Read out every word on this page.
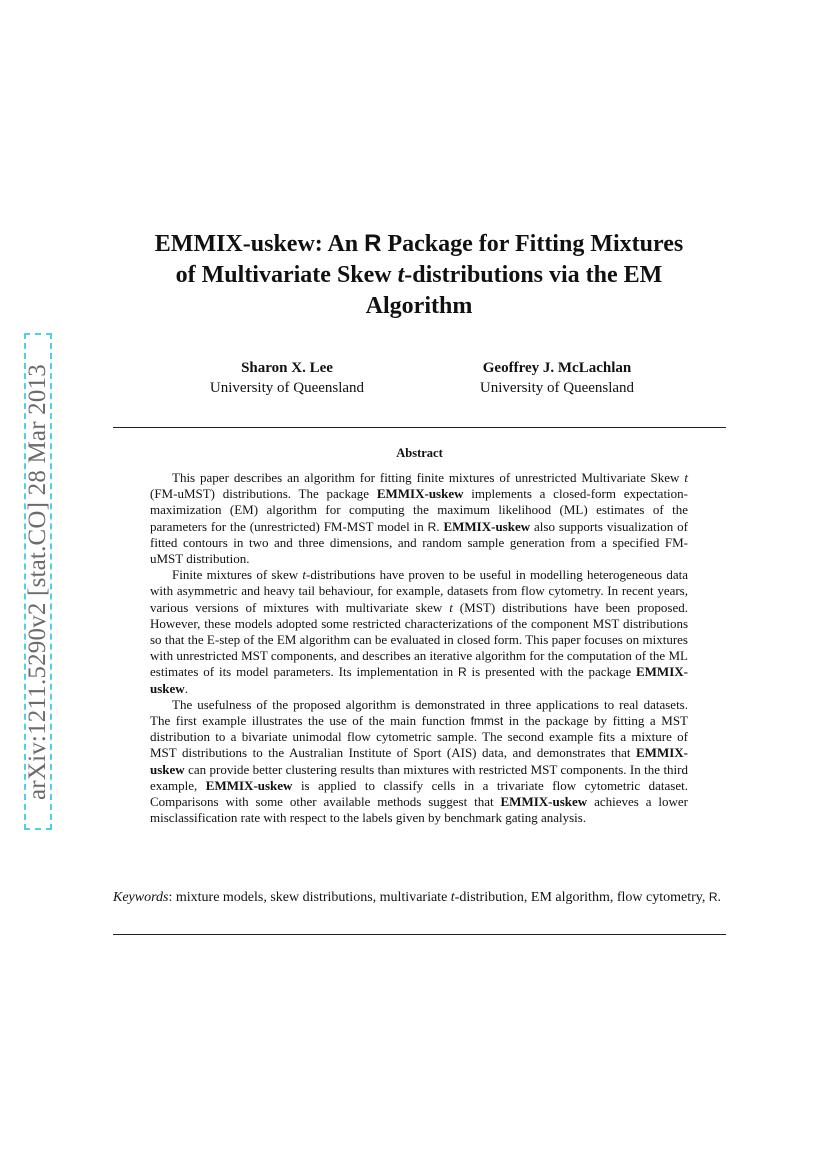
arXiv:1211.5290v2 [stat.CO] 28 Mar 2013
EMMIX-uskew: An R Package for Fitting Mixtures
of Multivariate Skew t-distributions via the EM
Algorithm
Sharon X. Lee
University of Queensland
Geoffrey J. McLachlan
University of Queensland
Abstract

This paper describes an algorithm for fitting finite mixtures of unrestricted Multivariate Skew t (FM-uMST) distributions. The package EMMIX-uskew implements a closed-form expectation-maximization (EM) algorithm for computing the maximum likelihood (ML) estimates of the parameters for the (unrestricted) FM-MST model in R. EMMIX-uskew also supports visualization of fitted contours in two and three dimensions, and random sample generation from a specified FM-uMST distribution.

Finite mixtures of skew t-distributions have proven to be useful in modelling heterogeneous data with asymmetric and heavy tail behaviour, for example, datasets from flow cytometry. In recent years, various versions of mixtures with multivariate skew t (MST) distributions have been proposed. However, these models adopted some restricted characterizations of the component MST distributions so that the E-step of the EM algorithm can be evaluated in closed form. This paper focuses on mixtures with unrestricted MST components, and describes an iterative algorithm for the computation of the ML estimates of its model parameters. Its implementation in R is presented with the package EMMIX-uskew.

The usefulness of the proposed algorithm is demonstrated in three applications to real datasets. The first example illustrates the use of the main function fmmst in the package by fitting a MST distribution to a bivariate unimodal flow cytometric sample. The second example fits a mixture of MST distributions to the Australian Institute of Sport (AIS) data, and demonstrates that EMMIX-uskew can provide better clustering results than mixtures with restricted MST components. In the third example, EMMIX-uskew is applied to classify cells in a trivariate flow cytometric dataset. Comparisons with some other available methods suggest that EMMIX-uskew achieves a lower misclassification rate with respect to the labels given by benchmark gating analysis.

Keywords: mixture models, skew distributions, multivariate t-distribution, EM algorithm, flow cytometry, R.
